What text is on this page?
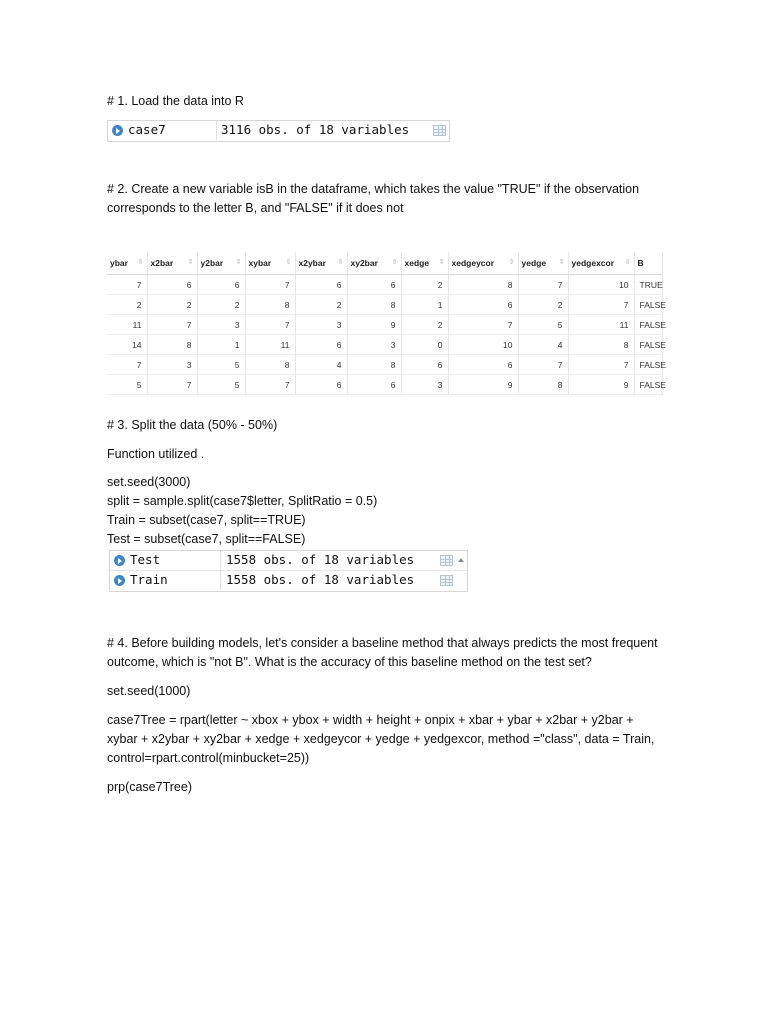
# 1. Load the data into R

case7	3116 obs. of 18 variables

# 2. Create a new variable isB in the dataframe, which takes the value "TRUE" if the observation corresponds to the letter B, and "FALSE" if it does not

ybar ⇕	x2bar ⇕	y2bar ⇕	xybar ⇕	x2ybar ⇕	xy2bar ⇕	xedge ⇕	xedgeycor ⇕	yedge ⇕	yedgexcor ⇕	B
7	6	6	7	6	6	2	8	7	10	TRUE
2	2	2	8	2	8	1	6	2	7	FALSE
11	7	3	7	3	9	2	7	5	11	FALSE
14	8	1	11	6	3	0	10	4	8	FALSE
7	3	5	8	4	8	6	6	7	7	FALSE
5	7	5	7	6	6	3	9	8	9	FALSE

# 3. Split the data (50% - 50%)

Function utilized .

set.seed(3000)

split = sample.split(case7$letter, SplitRatio = 0.5)

Train = subset(case7, split==TRUE)

Test = subset(case7, split==FALSE)

Test	1558 obs. of 18 variables
Train	1558 obs. of 18 variables

# 4. Before building models, let's consider a baseline method that always predicts the most frequent outcome, which is "not B". What is the accuracy of this baseline method on the test set?

set.seed(1000)

case7Tree = rpart(letter ~ xbox + ybox + width + height + onpix + xbar + ybar + x2bar + y2bar + xybar + x2ybar + xy2bar + xedge + xedgeycor + yedge + yedgexcor, method ="class", data = Train, control=rpart.control(minbucket=25))

prp(case7Tree)
